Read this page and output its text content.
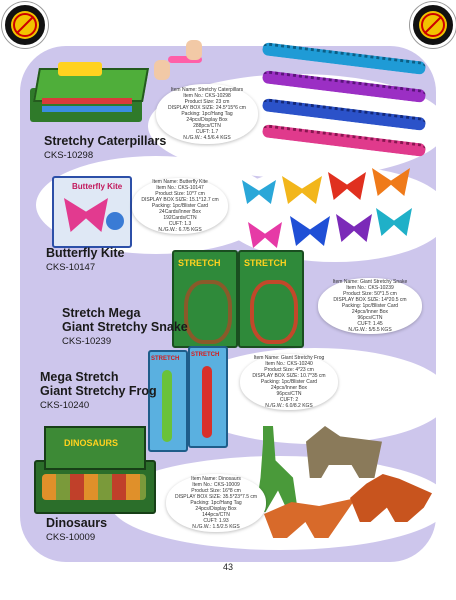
Item Name: Stretchy Caterpillars
Item No.: CKS-10298
Product Size: 23 cm
DISPLAY BOX SIZE: 24.5*15*6 cm
Packing: 1pc/Hang Tag
24pcs/Display Box
288pcs/CTN
CUFT: 1.7
N./G.W.: 4.5/6.4 KGS
Stretchy Caterpillars
CKS-10298
Butterfly Kite	Item Name: Butterfly Kite
Item No.: CKS-10147
Product Size: 10*7 cm
DISPLAY BOX SIZE: 15.1*12.7 cm
Packing: 1pc/Blister Card
24Cards/Inner Box
192Cards/CTN
CUFT: 1.3
N./G.W.: 6.7/5 KGS
Butterfly Kite
CKS-10147	STRETCH	STRETCH
Item Name: Giant Stretchy Snake
Item No.: CKS-10239
Product Size: 50*1.5 cm
DISPLAY BOX SIZE: 14*20.5 cm
Packing: 1pc/Blister Card
24pcs/Inner Box
96pcs/CTN
CUFT: 1.45
N./G.W.: 5/5.5 KGS
Stretch Mega
Giant Stretchy Snake
CKS-10239
STRETCH
STRETCH	Item Name: Giant Stretchy Frog
Item No.: CKS-10240
Product Size: 4*23 cm
DISPLAY BOX SIZE: 10.7*35 cm
Packing: 1pc/Blister Card
24pcs/Inner Box
96pcs/CTN
CUFT: 2
N./G.W.: 6.0/8.2 KGS
Mega Stretch
Giant Stretchy Frog
CKS-10240
DINOSAURS
Item Name: Dinosaurs
Item No.: CKS-10009
Product Size: 16*8 cm
DISPLAY BOX SIZE: 35.5*23*7.5 cm
Packing: 1pc/Hang Tag
24pcs/Display Box
144pcs/CTN
CUFT: 1.93
N./G.W.: 1.5/2.5 KGS
Dinosaurs
CKS-10009
43
